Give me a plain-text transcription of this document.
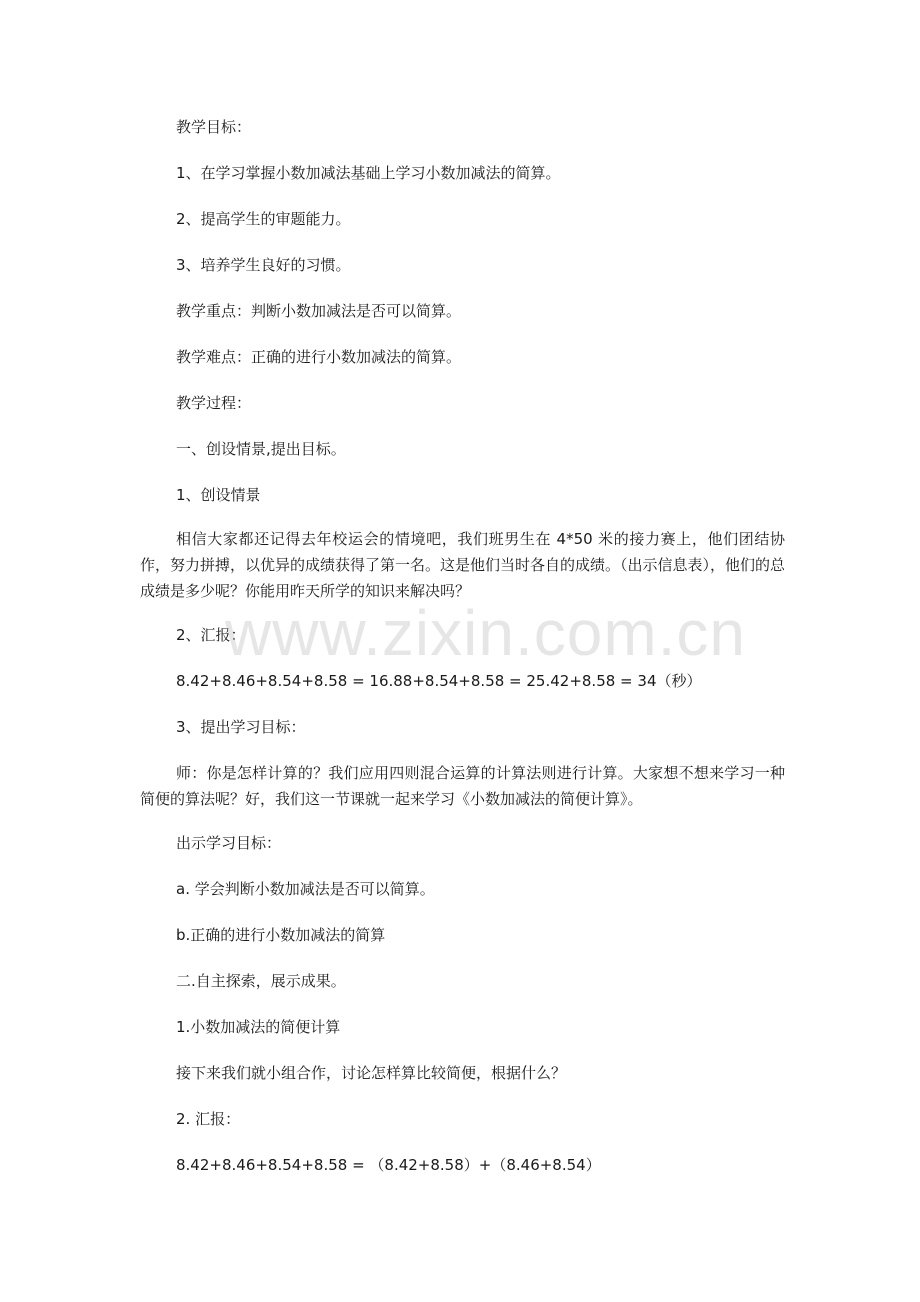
教学目标：
1、在学习掌握小数加减法基础上学习小数加减法的简算。
2、提高学生的审题能力。
3、培养学生良好的习惯。
教学重点：判断小数加减法是否可以简算。
教学难点：正确的进行小数加减法的简算。
教学过程：
一、创设情景,提出目标。
1、创设情景
相信大家都还记得去年校运会的情境吧，我们班男生在 4*50 米的接力赛上，他们团结协作，努力拼搏，以优异的成绩获得了第一名。这是他们当时各自的成绩。（出示信息表），他们的总成绩是多少呢？你能用昨天所学的知识来解决吗？
2、汇报：
8.42+8.46+8.54+8.58 = 16.88+8.54+8.58 = 25.42+8.58 = 34（秒）
3、提出学习目标：
师：你是怎样计算的？我们应用四则混合运算的计算法则进行计算。大家想不想来学习一种简便的算法呢？好，我们这一节课就一起来学习《小数加减法的简便计算》。
出示学习目标：
a. 学会判断小数加减法是否可以简算。
b.正确的进行小数加减法的简算
二.自主探索，展示成果。
1.小数加减法的简便计算
接下来我们就小组合作，讨论怎样算比较简便，根据什么？
2. 汇报：
8.42+8.46+8.54+8.58 = （8.42+8.58）+（8.46+8.54）
www.zixin.com.cn
